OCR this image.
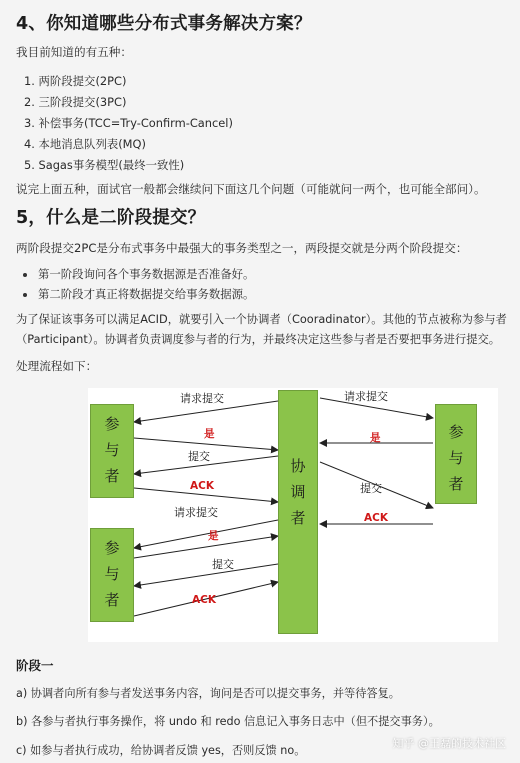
4、你知道哪些分布式事务解决方案？
我目前知道的有五种：
1. 两阶段提交(2PC)
2. 三阶段提交(3PC)
3. 补偿事务(TCC=Try-Confirm-Cancel)
4. 本地消息队列表(MQ)
5. Sagas事务模型(最终一致性)
说完上面五种，面试官一般都会继续问下面这几个问题（可能就问一两个，也可能全部问）。
5，什么是二阶段提交？
两阶段提交2PC是分布式事务中最强大的事务类型之一，两段提交就是分两个阶段提交：
第一阶段询问各个事务数据源是否准备好。
第二阶段才真正将数据提交给事务数据源。
为了保证该事务可以满足ACID，就要引入一个协调者（Cooradinator）。其他的节点被称为参与者
（Participant）。协调者负责调度参与者的行为，并最终决定这些参与者是否要把事务进行提交。
处理流程如下：
参
与
者
参
与
者
协
调
者
参
与
者
请求提交
是
提交
ACK
请求提交
是
提交
ACK
请求提交
是
提交
ACK
阶段一
a) 协调者向所有参与者发送事务内容，询问是否可以提交事务，并等待答复。
b) 各参与者执行事务操作，将 undo 和 redo 信息记入事务日志中（但不提交事务）。
c) 如参与者执行成功，给协调者反馈 yes，否则反馈 no。
知乎 @王磊的技术社区
